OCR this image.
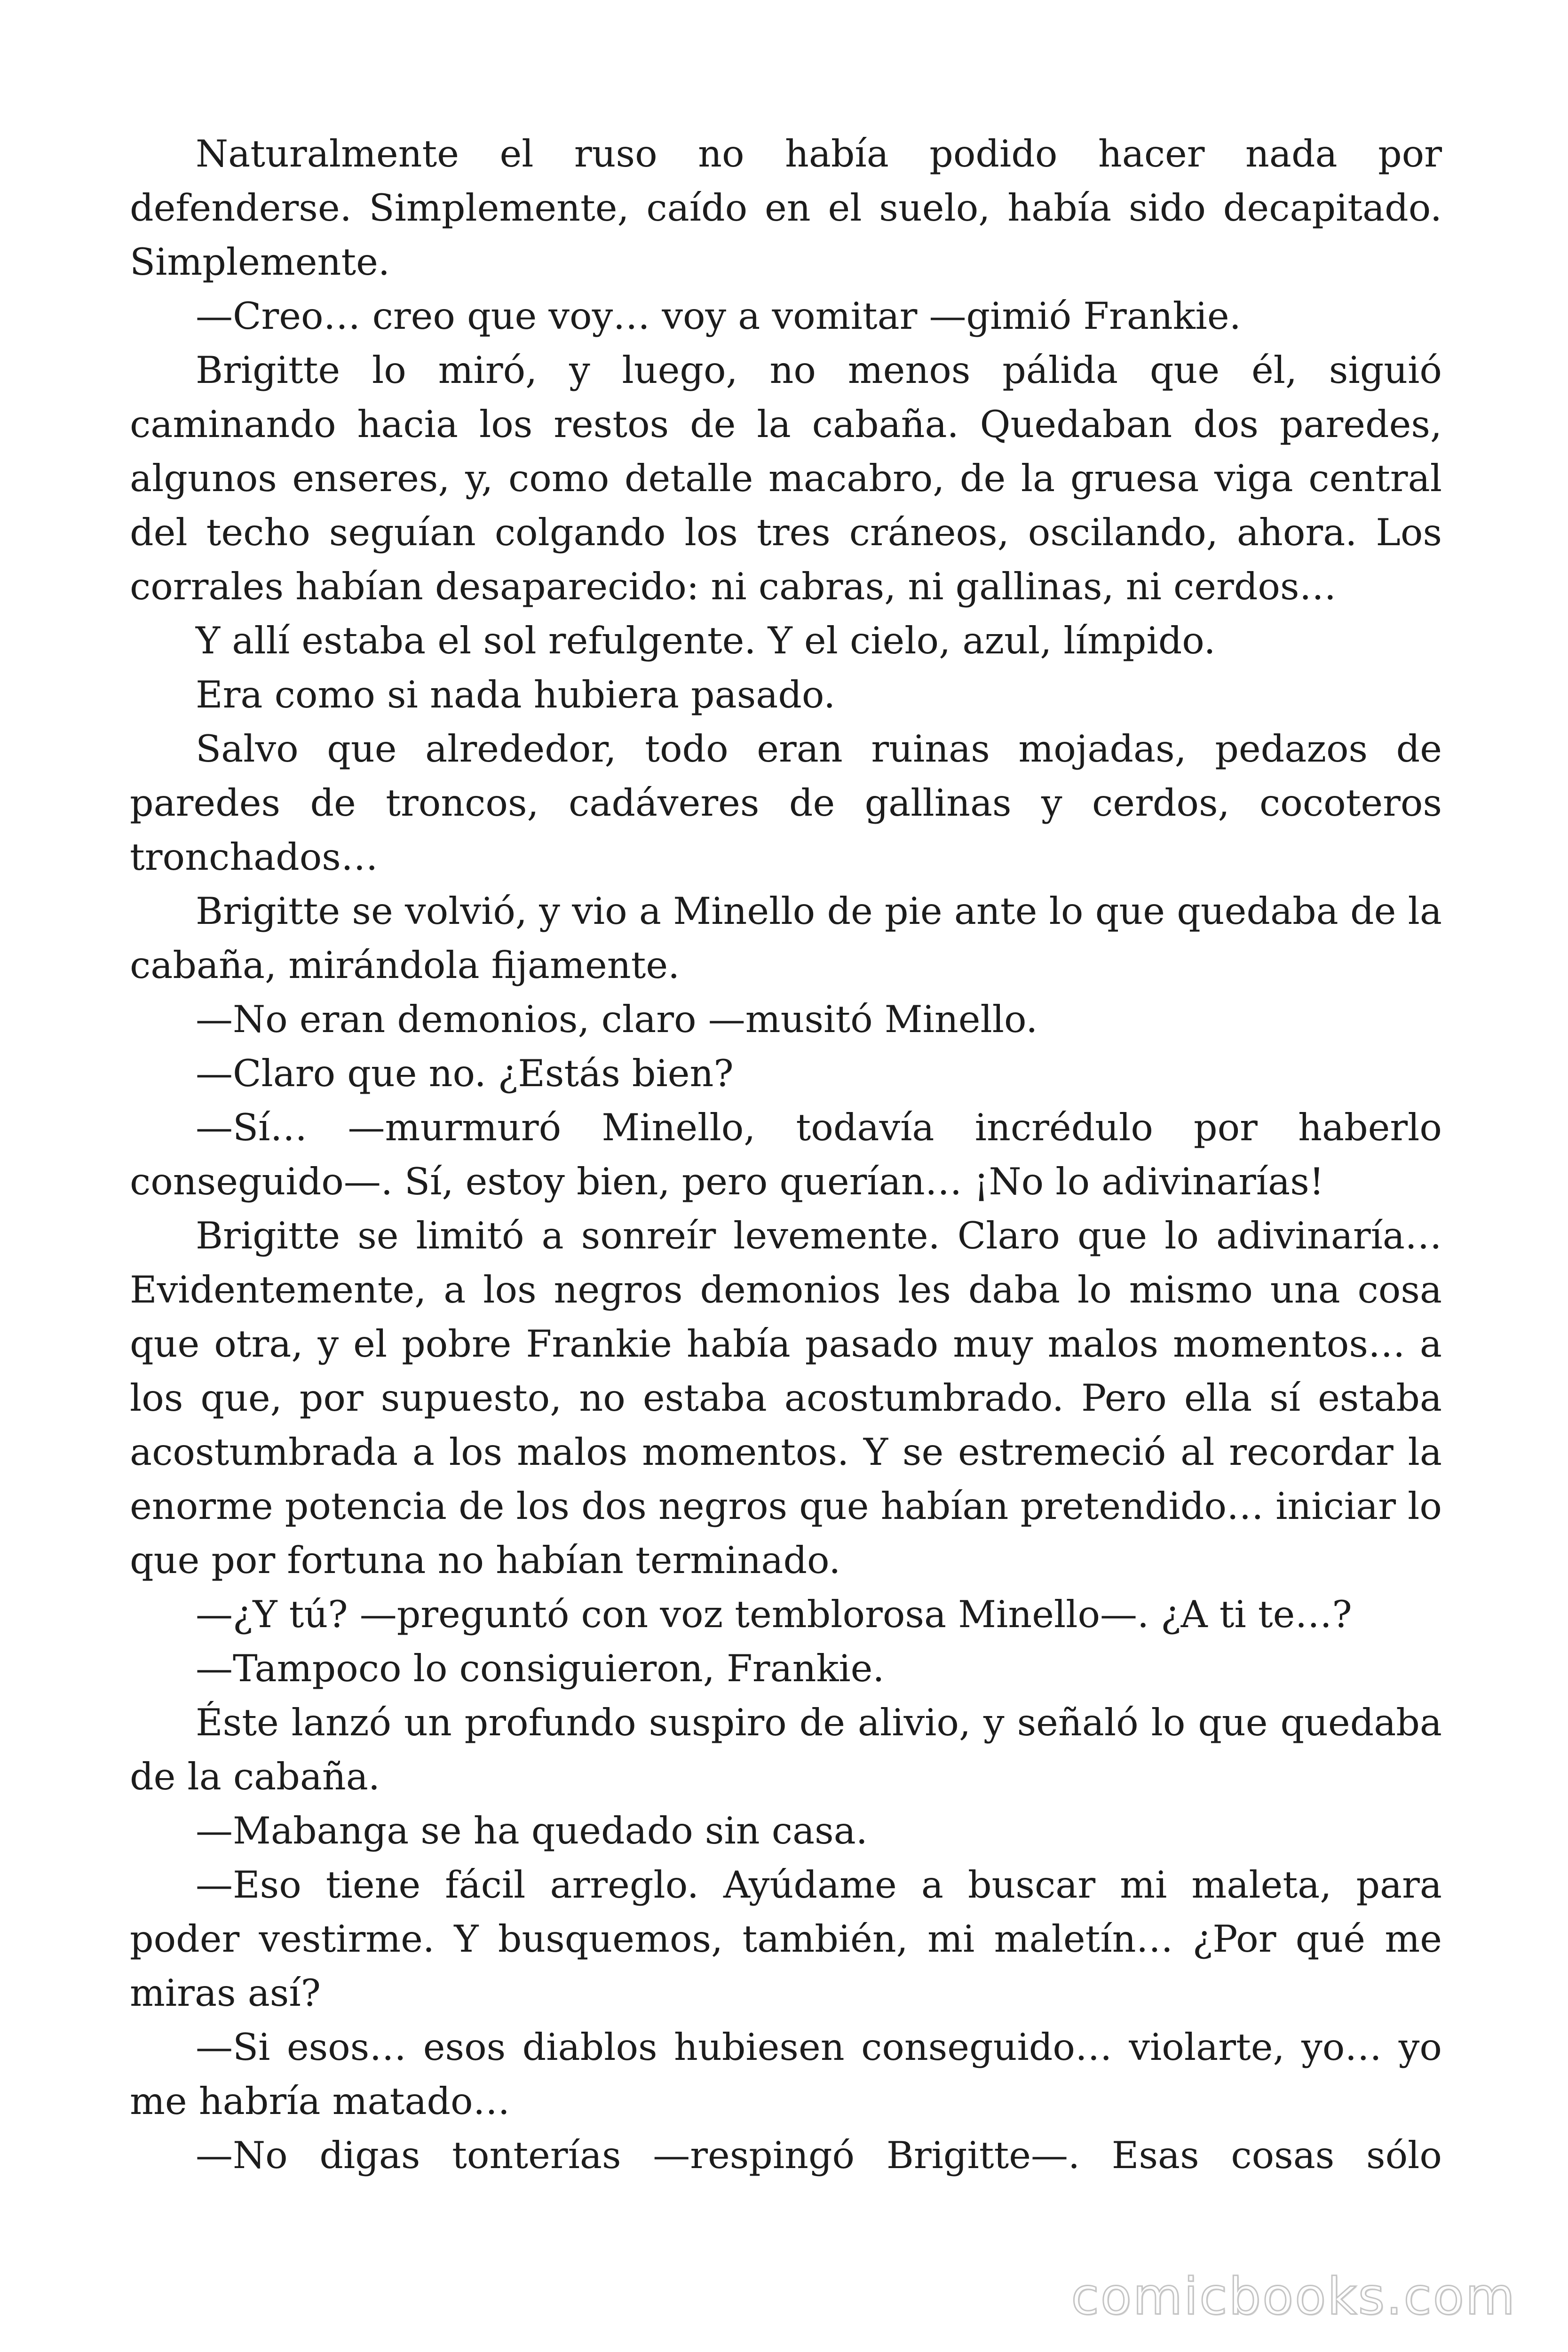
Naturalmente el ruso no había podido hacer nada por defenderse. Simplemente, caído en el suelo, había sido decapitado. Simplemente.

—Creo… creo que voy… voy a vomitar —gimió Frankie.

Brigitte lo miró, y luego, no menos pálida que él, siguió caminando hacia los restos de la cabaña. Quedaban dos paredes, algunos enseres, y, como detalle macabro, de la gruesa viga central del techo seguían colgando los tres cráneos, oscilando, ahora. Los corrales habían desaparecido: ni cabras, ni gallinas, ni cerdos…

Y allí estaba el sol refulgente. Y el cielo, azul, límpido.

Era como si nada hubiera pasado.

Salvo que alrededor, todo eran ruinas mojadas, pedazos de paredes de troncos, cadáveres de gallinas y cerdos, cocoteros tronchados…

Brigitte se volvió, y vio a Minello de pie ante lo que quedaba de la cabaña, mirándola fijamente.

—No eran demonios, claro —musitó Minello.

—Claro que no. ¿Estás bien?

—Sí… —murmuró Minello, todavía incrédulo por haberlo conseguido—. Sí, estoy bien, pero querían… ¡No lo adivinarías!

Brigitte se limitó a sonreír levemente. Claro que lo adivinaría… Evidentemente, a los negros demonios les daba lo mismo una cosa que otra, y el pobre Frankie había pasado muy malos momentos… a los que, por supuesto, no estaba acostumbrado. Pero ella sí estaba acostumbrada a los malos momentos. Y se estremeció al recordar la enorme potencia de los dos negros que habían pretendido… iniciar lo que por fortuna no habían terminado.

—¿Y tú? —preguntó con voz temblorosa Minello—. ¿A ti te…?

—Tampoco lo consiguieron, Frankie.

Éste lanzó un profundo suspiro de alivio, y señaló lo que quedaba de la cabaña.

—Mabanga se ha quedado sin casa.

—Eso tiene fácil arreglo. Ayúdame a buscar mi maleta, para poder vestirme. Y busquemos, también, mi maletín… ¿Por qué me miras así?

—Si esos… esos diablos hubiesen conseguido… violarte, yo… yo me habría matado…

—No digas tonterías —respingó Brigitte—. Esas cosas sólo

comicbooks.com
